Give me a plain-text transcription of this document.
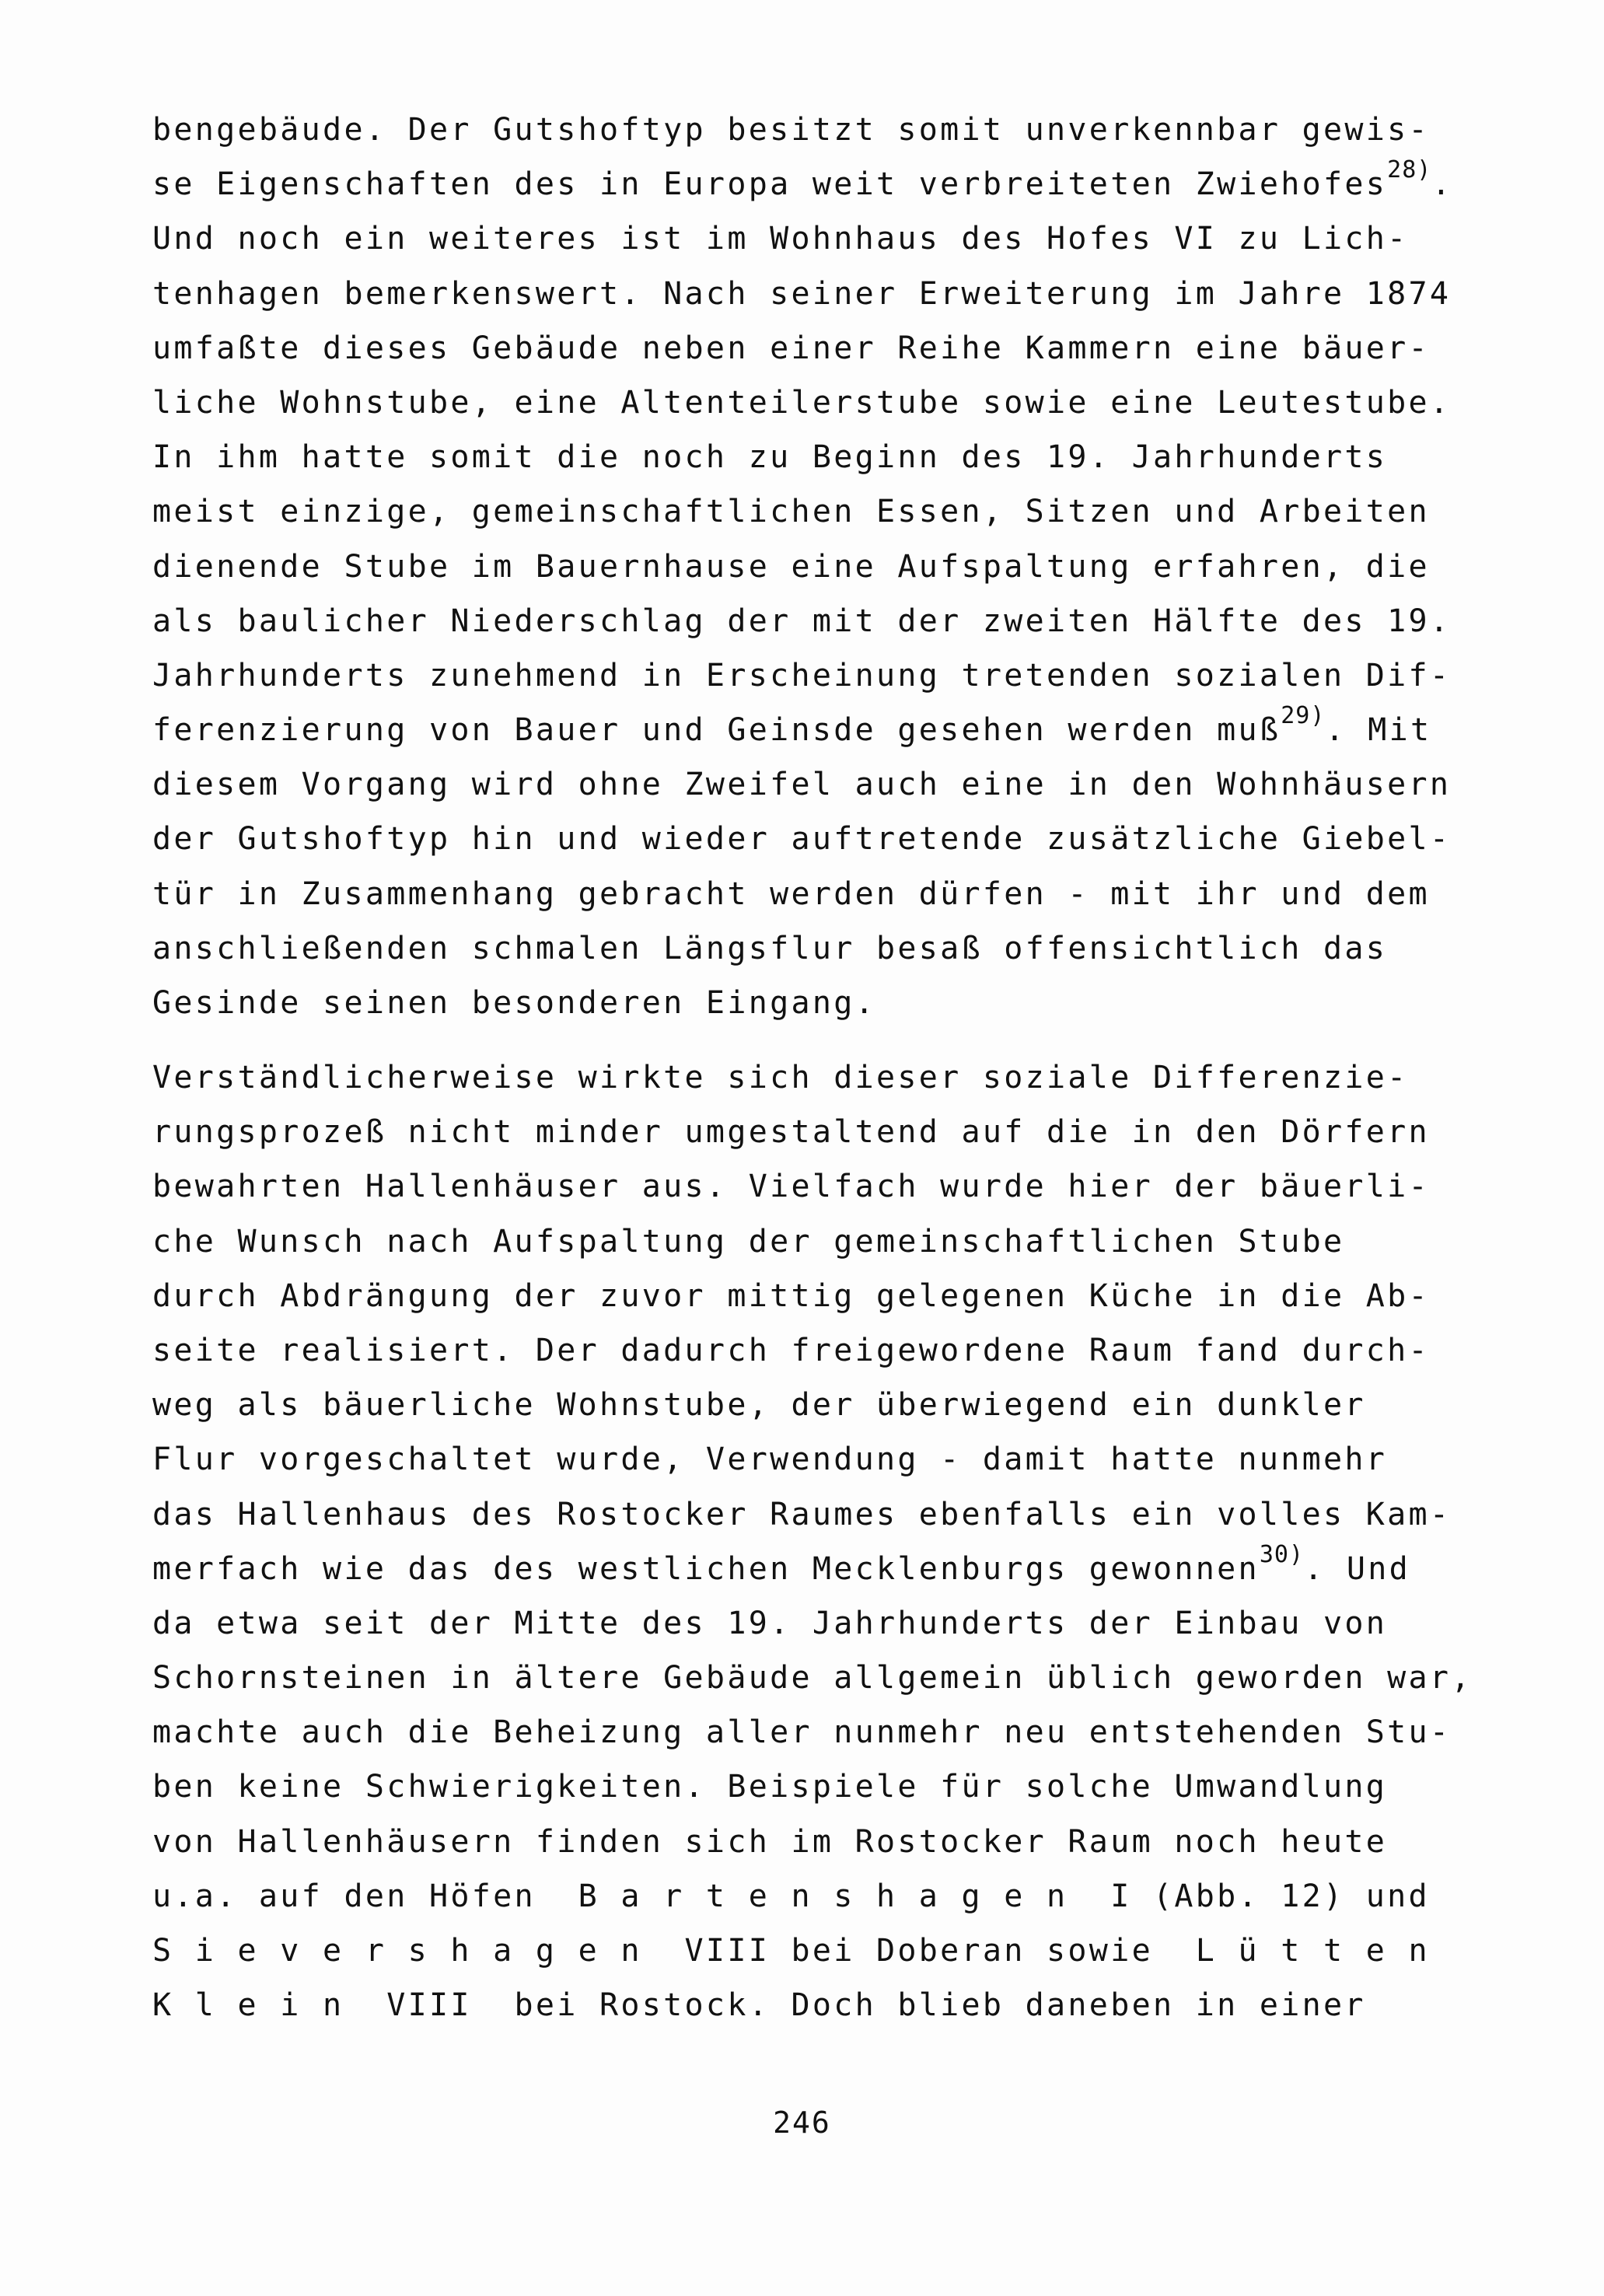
bengebäude. Der Gutshoftyp besitzt somit unverkennbar gewis-
se Eigenschaften des in Europa weit verbreiteten Zwiehofes$^{28)}$.
Und noch ein weiteres ist im Wohnhaus des Hofes VI zu Lich-
tenhagen bemerkenswert. Nach seiner Erweiterung im Jahre 1874
umfaßte dieses Gebäude neben einer Reihe Kammern eine bäuer-
liche Wohnstube, eine Altenteilerstube sowie eine Leutestube.
In ihm hatte somit die noch zu Beginn des 19. Jahrhunderts
meist einzige, gemeinschaftlichen Essen, Sitzen und Arbeiten
dienende Stube im Bauernhause eine Aufspaltung erfahren, die
als baulicher Niederschlag der mit der zweiten Hälfte des 19.
Jahrhunderts zunehmend in Erscheinung tretenden sozialen Dif-
ferenzierung von Bauer und Geinsde gesehen werden muß$^{29)}$. Mit
diesem Vorgang wird ohne Zweifel auch eine in den Wohnhäusern
der Gutshoftyp hin und wieder auftretende zusätzliche Giebel-
tür in Zusammenhang gebracht werden dürfen - mit ihr und dem
anschließenden schmalen Längsflur besaß offensichtlich das
Gesinde seinen besonderen Eingang.
Verständlicherweise wirkte sich dieser soziale Differenzie-
rungsprozeß nicht minder umgestaltend auf die in den Dörfern
bewahrten Hallenhäuser aus. Vielfach wurde hier der bäuerli-
che Wunsch nach Aufspaltung der gemeinschaftlichen Stube
durch Abdrängung der zuvor mittig gelegenen Küche in die Ab-
seite realisiert. Der dadurch freigewordene Raum fand durch-
weg als bäuerliche Wohnstube, der überwiegend ein dunkler
Flur vorgeschaltet wurde, Verwendung - damit hatte nunmehr
das Hallenhaus des Rostocker Raumes ebenfalls ein volles Kam-
merfach wie das des westlichen Mecklenburgs gewonnen$^{30)}$. Und
da etwa seit der Mitte des 19. Jahrhunderts der Einbau von
Schornsteinen in ältere Gebäude allgemein üblich geworden war,
machte auch die Beheizung aller nunmehr neu entstehenden Stu-
ben keine Schwierigkeiten. Beispiele für solche Umwandlung
von Hallenhäusern finden sich im Rostocker Raum noch heute
u.a. auf den Höfen  B a r t e n s h a g e n  I (Abb. 12) und
S i e v e r s h a g e n  VIII bei Doberan sowie  L ü t t e n
K l e i n  VIII  bei Rostock. Doch blieb daneben in einer
246
